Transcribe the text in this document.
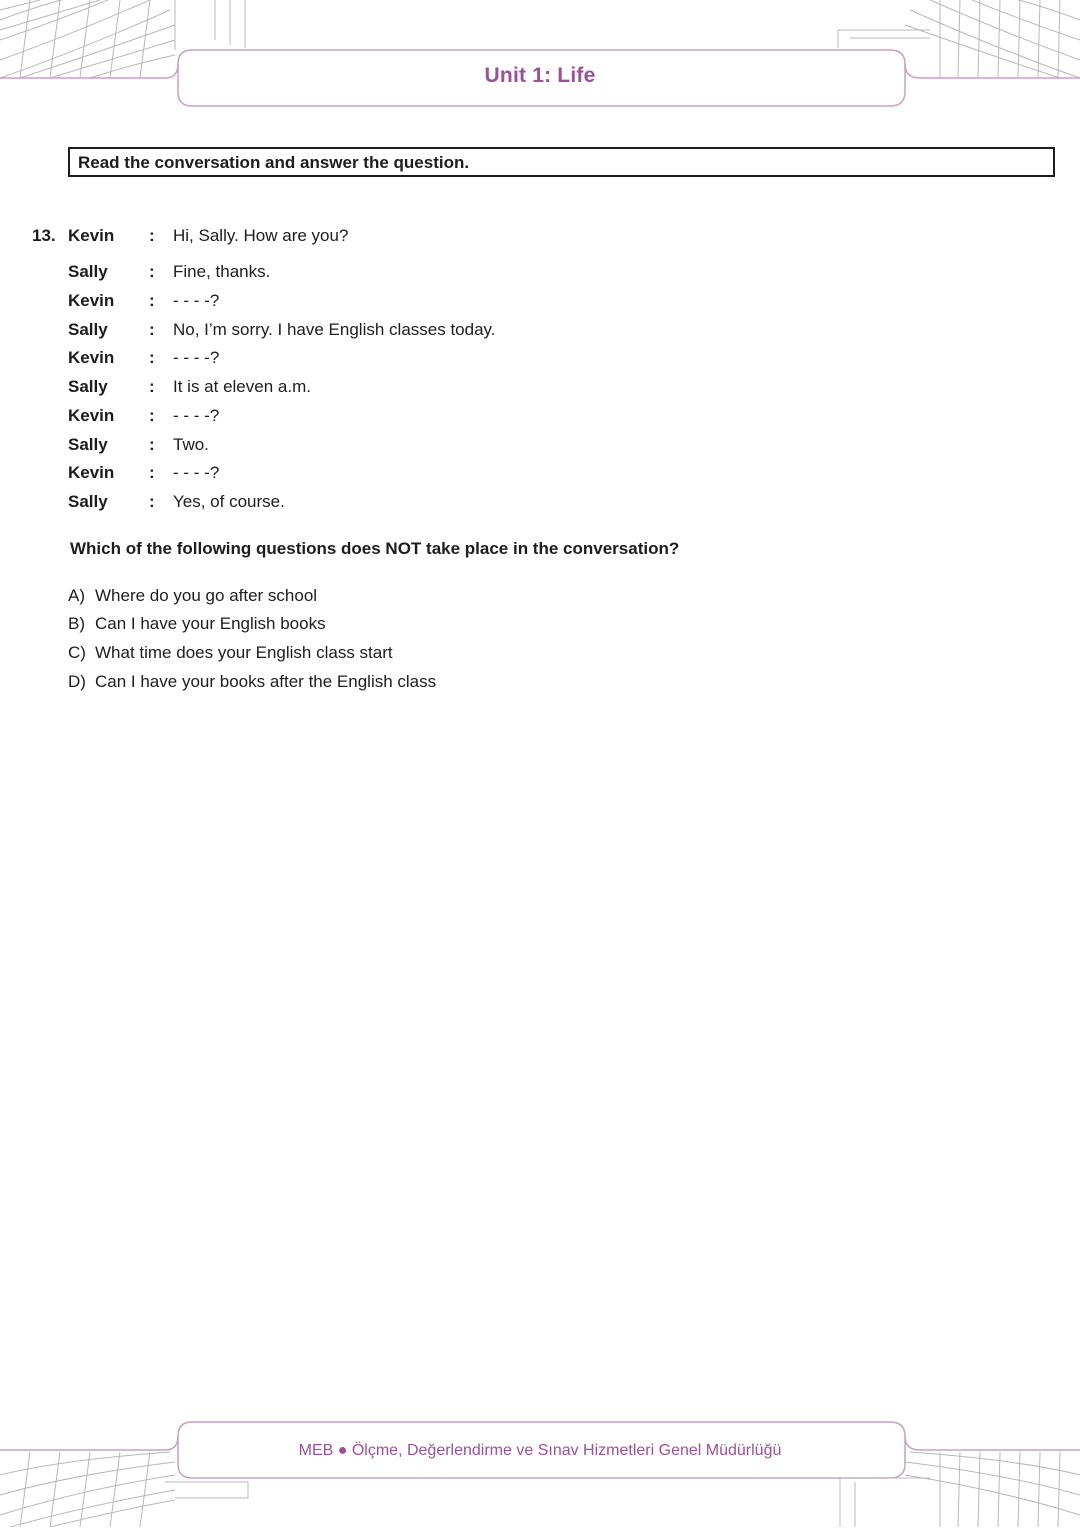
Unit 1: Life
Read the conversation and answer the question.
13. Kevin : Hi, Sally. How are you?
Sally : Fine, thanks.
Kevin : - - - -?
Sally : No, I’m sorry. I have English classes today.
Kevin : - - - -?
Sally : It is at eleven a.m.
Kevin : - - - -?
Sally : Two.
Kevin : - - - -?
Sally : Yes, of course.
Which of the following questions does NOT take place in the conversation?
A) Where do you go after school
B) Can I have your English books
C) What time does your English class start
D) Can I have your books after the English class
MEB ● Ölçme, Değerlendirme ve Sınav Hizmetleri Genel Müdürlüğü
